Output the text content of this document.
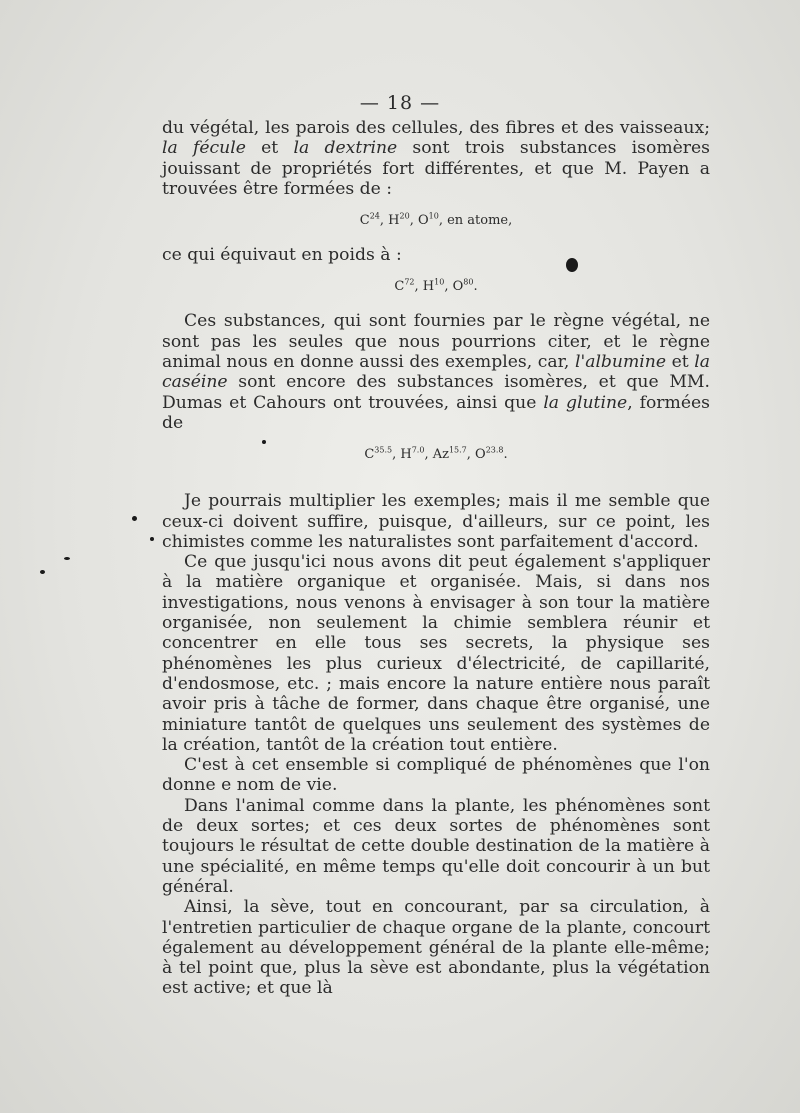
— 18 —

du végétal, les parois des cellules, des fibres et des vaisseaux; la fécule et la dextrine sont trois substances isomères jouissant de propriétés fort différentes, et que M. Payen a trouvées être formées de :

$C^{24}$, $H^{20}$, $O^{10}$, en atome,

ce qui équivaut en poids à :

$C^{72}$, $H^{10}$, $O^{80}$.

Ces substances, qui sont fournies par le règne végétal, ne sont pas les seules que nous pourrions citer, et le règne animal nous en donne aussi des exemples, car, l'albumine et la caséine sont encore des substances isomères, et que MM. Dumas et Cahours ont trouvées, ainsi que la glutine, formées de

$C^{35.5}$, $H^{7.0}$, $Az^{15.7}$, $O^{23.8}$.

Je pourrais multiplier les exemples; mais il me semble que ceux-ci doivent suffire, puisque, d'ailleurs, sur ce point, les chimistes comme les naturalistes sont parfaitement d'accord.

Ce que jusqu'ici nous avons dit peut également s'appliquer à la matière organique et organisée. Mais, si dans nos investigations, nous venons à envisager à son tour la matière organisée, non seulement la chimie semblera réunir et concentrer en elle tous ses secrets, la physique ses phénomènes les plus curieux d'électricité, de capillarité, d'endosmose, etc. ; mais encore la nature entière nous paraît avoir pris à tâche de former, dans chaque être organisé, une miniature tantôt de quelques uns seulement des systèmes de la création, tantôt de la création tout entière.

C'est à cet ensemble si compliqué de phénomènes que l'on donne e nom de vie.

Dans l'animal comme dans la plante, les phénomènes sont de deux sortes; et ces deux sortes de phénomènes sont toujours le résultat de cette double destination de la matière à une spécialité, en même temps qu'elle doit concourir à un but général.

Ainsi, la sève, tout en concourant, par sa circulation, à l'entretien particulier de chaque organe de la plante, concourt également au développement général de la plante elle-même; à tel point que, plus la sève est abondante, plus la végétation est active; et que là
